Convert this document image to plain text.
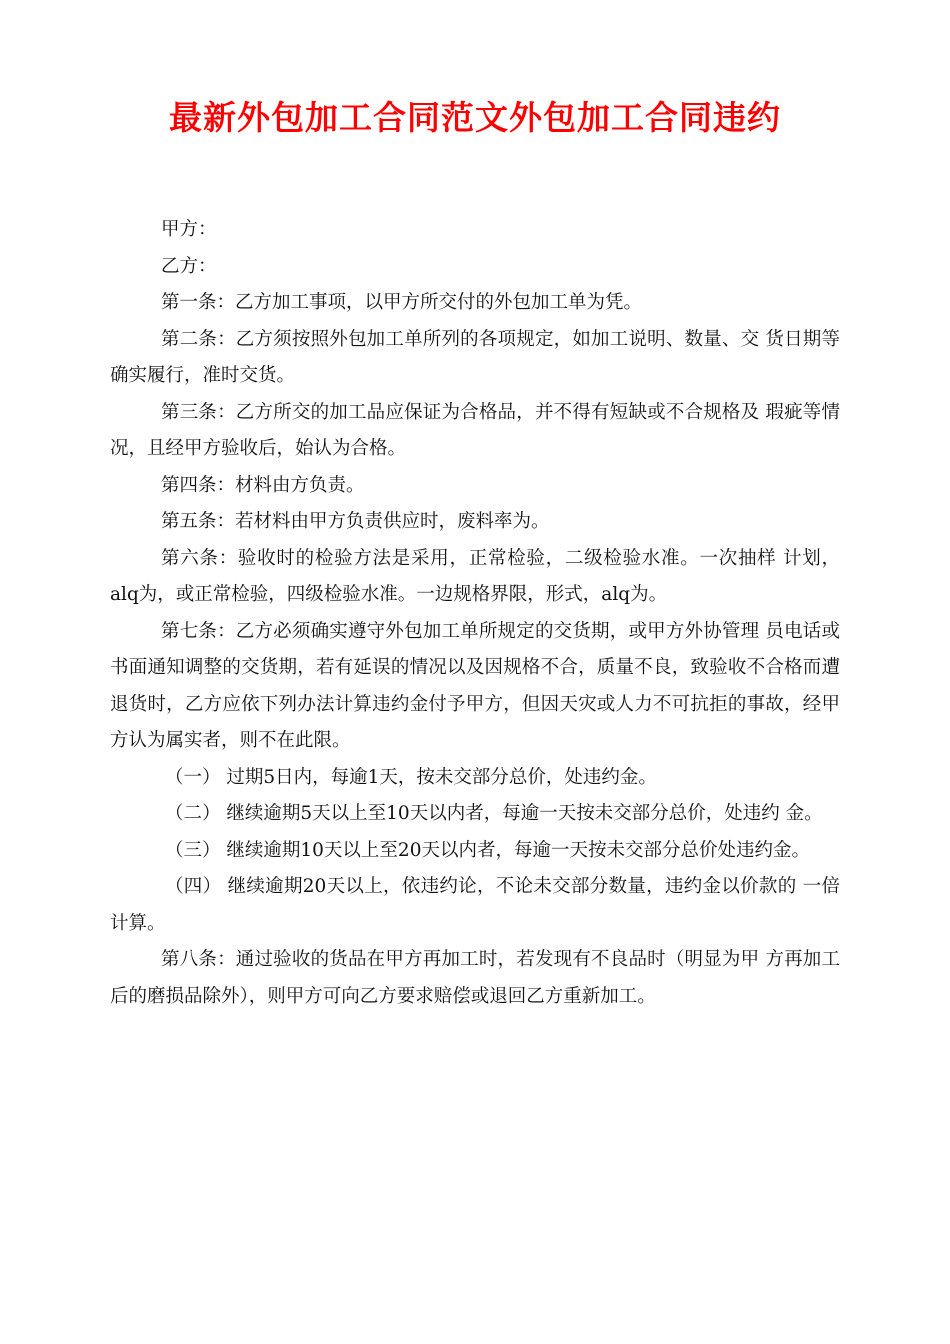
最新外包加工合同范文外包加工合同违约

甲方：

乙方：

第一条：乙方加工事项，以甲方所交付的外包加工单为凭。

第二条：乙方须按照外包加工单所列的各项规定，如加工说明、数量、交 货日期等确实履行，准时交货。

第三条：乙方所交的加工品应保证为合格品，并不得有短缺或不合规格及 瑕疵等情况，且经甲方验收后，始认为合格。

第四条：材料由方负责。

第五条：若材料由甲方负责供应时，废料率为。

第六条：验收时的检验方法是采用，正常检验，二级检验水准。一次抽样 计划，alq为，或正常检验，四级检验水准。一边规格界限，形式，alq为。

第七条：乙方必须确实遵守外包加工单所规定的交货期，或甲方外协管理 员电话或书面通知调整的交货期，若有延误的情况以及因规格不合，质量不良，致验收不合格而遭退货时，乙方应依下列办法计算违约金付予甲方，但因天灾或人力不可抗拒的事故，经甲方认为属实者，则不在此限。

（一） 过期5日内，每逾1天，按未交部分总价，处违约金。

（二） 继续逾期5天以上至10天以内者，每逾一天按未交部分总价，处违约 金。

（三） 继续逾期10天以上至20天以内者，每逾一天按未交部分总价处违约金。

（四） 继续逾期20天以上，依违约论，不论未交部分数量，违约金以价款的 一倍计算。

第八条：通过验收的货品在甲方再加工时，若发现有不良品时（明显为甲 方再加工后的磨损品除外），则甲方可向乙方要求赔偿或退回乙方重新加工。
